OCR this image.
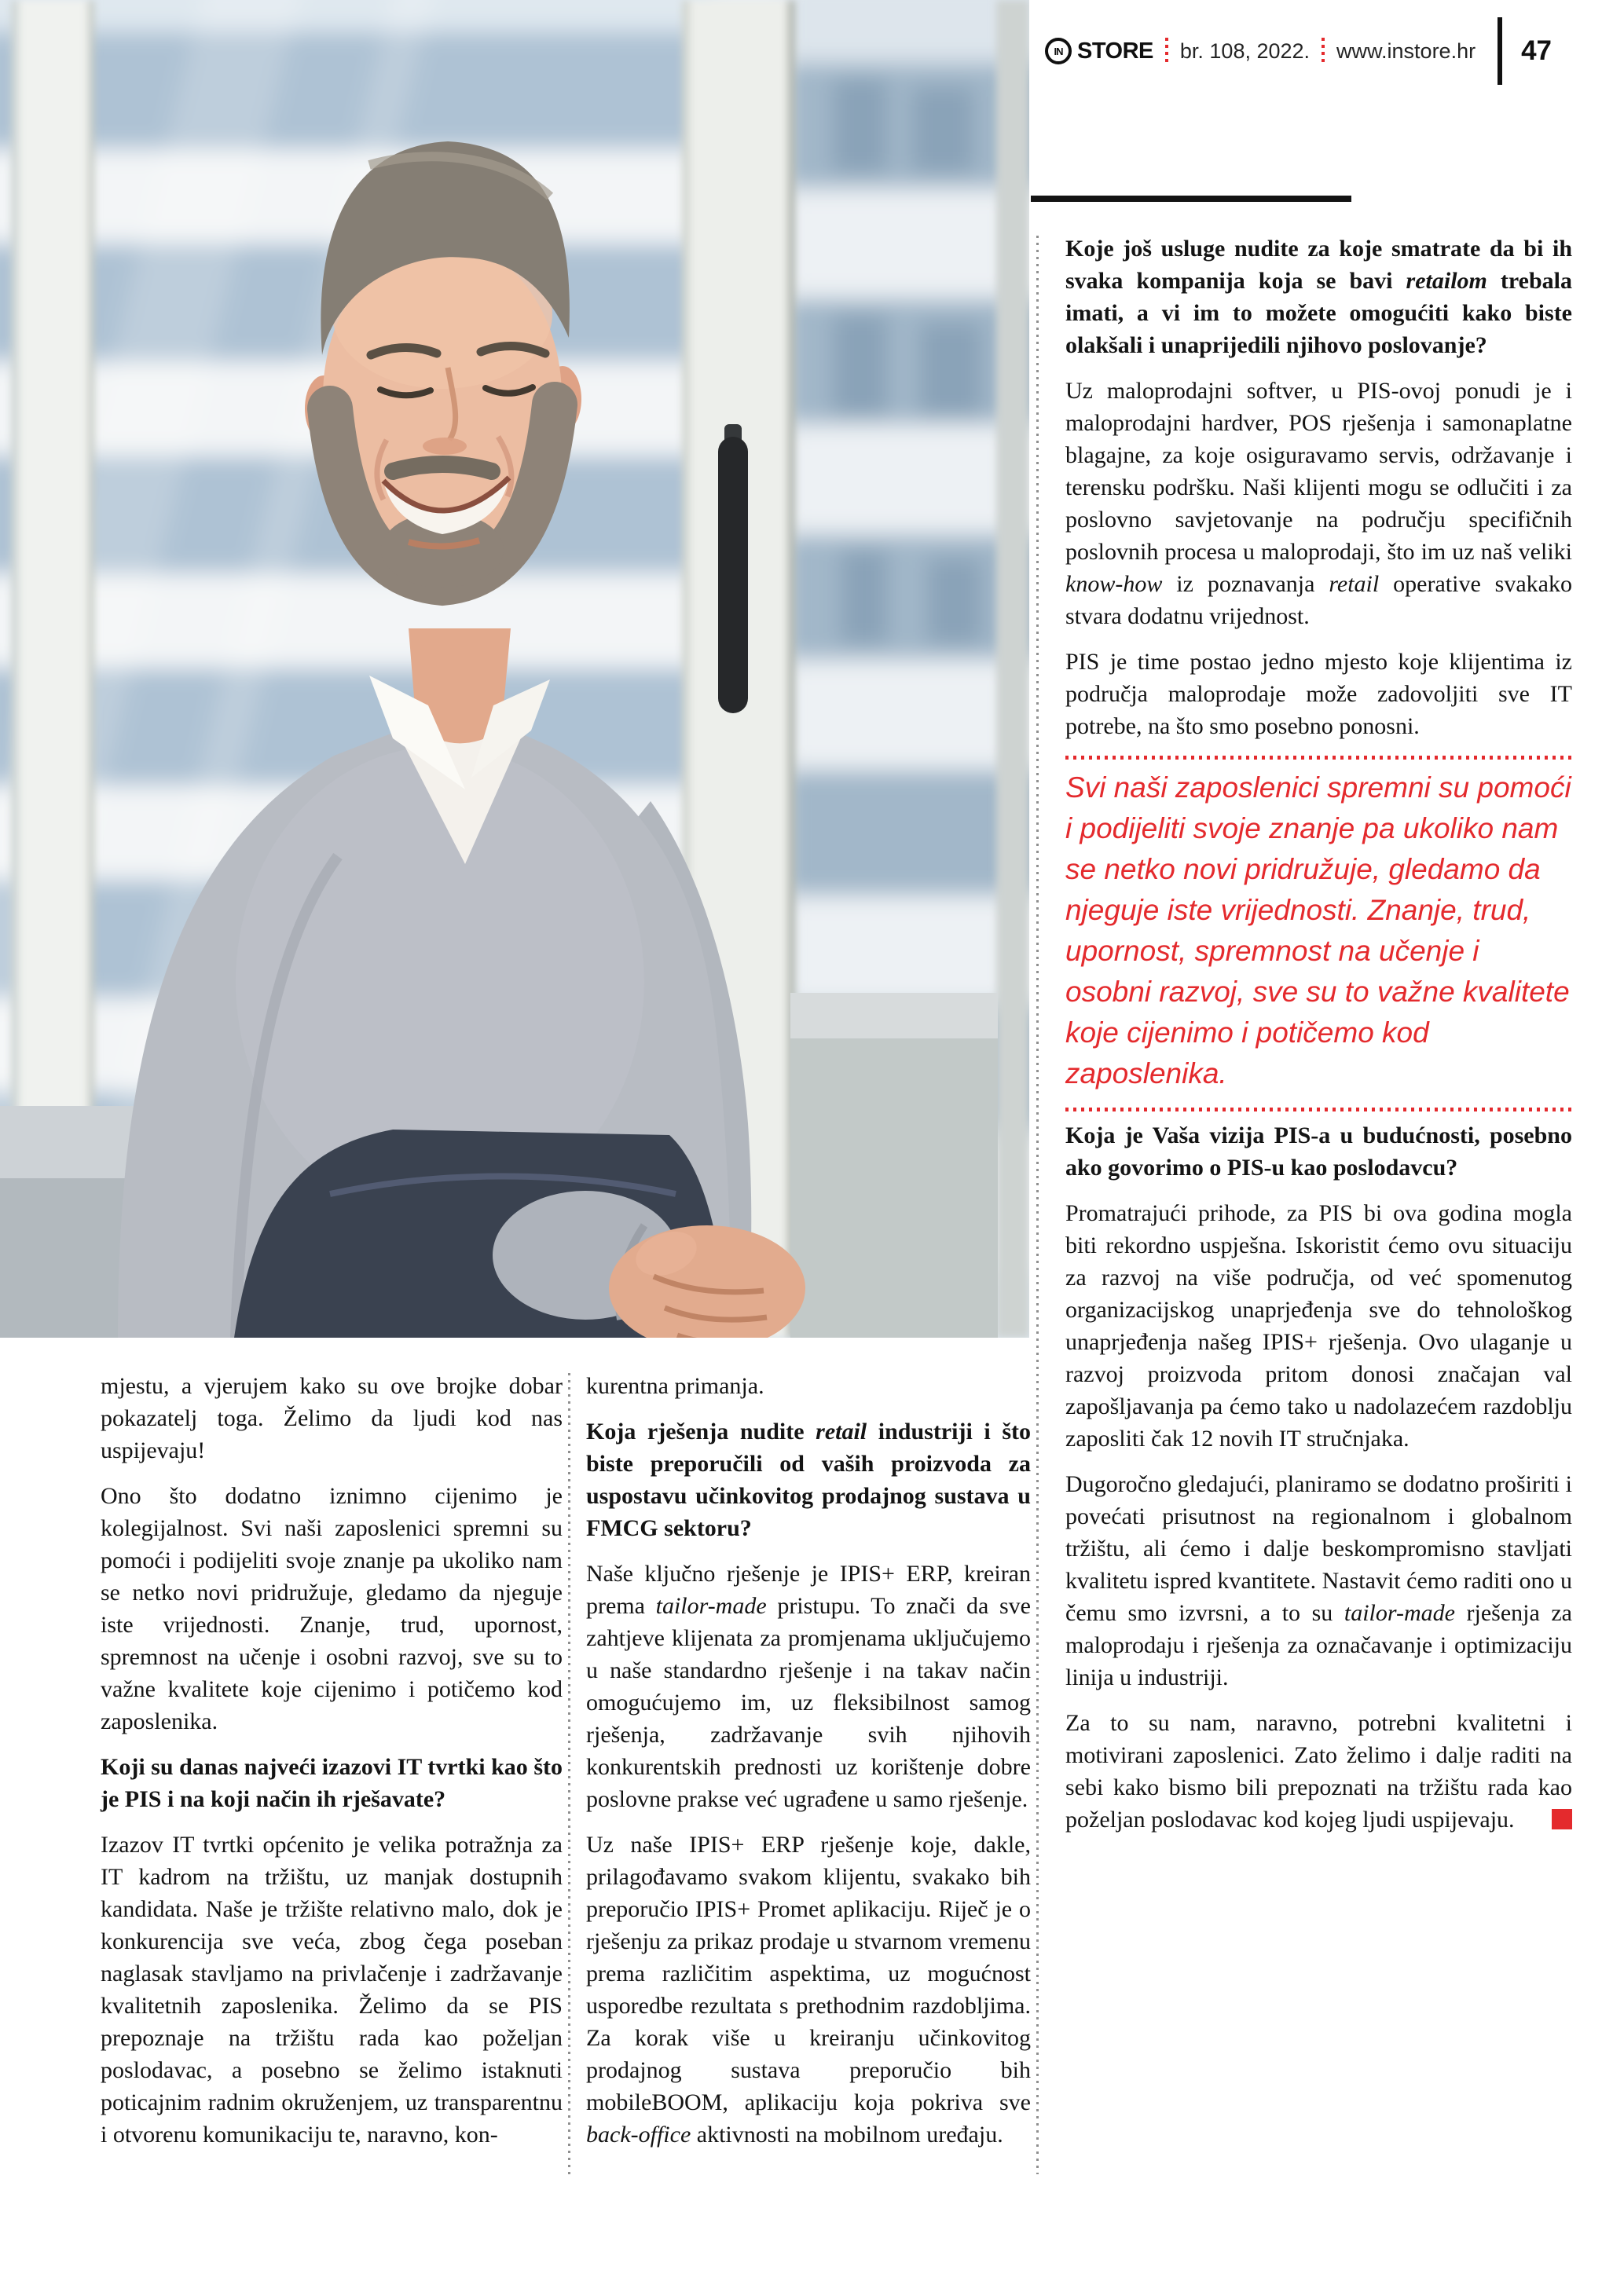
IN STORE br. 108, 2022. www.instore.hr 47

Koje još usluge nudite za koje smatrate da bi ih svaka kompanija koja se bavi retailom trebala imati, a vi im to možete omogućiti kako biste olakšali i unaprijedili njihovo poslovanje?

Uz maloprodajni softver, u PIS-ovoj ponudi je i maloprodajni hardver, POS rješenja i samonaplatne blagajne, za koje osiguravamo servis, održavanje i terensku podršku. Naši klijenti mogu se odlučiti i za poslovno savjetovanje na području specifičnih poslovnih procesa u maloprodaji, što im uz naš veliki know-how iz poznavanja retail operative svakako stvara dodatnu vrijednost.

PIS je time postao jedno mjesto koje klijentima iz područja maloprodaje može zadovoljiti sve IT potrebe, na što smo posebno ponosni.

Svi naši zaposlenici spremni su pomoći i podijeliti svoje znanje pa ukoliko nam se netko novi pridružuje, gledamo da njeguje iste vrijednosti. Znanje, trud, upornost, spremnost na učenje i osobni razvoj, sve su to važne kvalitete koje cijenimo i potičemo kod zaposlenika.

Koja je Vaša vizija PIS-a u budućnosti, posebno ako govorimo o PIS-u kao poslodavcu?

Promatrajući prihode, za PIS bi ova godina mogla biti rekordno uspješna. Iskoristit ćemo ovu situaciju za razvoj na više područja, od već spomenutog organizacijskog unaprjeđenja sve do tehnološkog unaprjeđenja našeg IPIS+ rješenja. Ovo ulaganje u razvoj proizvoda pritom donosi značajan val zapošljavanja pa ćemo tako u nadolazećem razdoblju zaposliti čak 12 novih IT stručnjaka.

Dugoročno gledajući, planiramo se dodatno proširiti i povećati prisutnost na regionalnom i globalnom tržištu, ali ćemo i dalje beskompromisno stavljati kvalitetu ispred kvantitete. Nastavit ćemo raditi ono u čemu smo izvrsni, a to su tailor-made rješenja za maloprodaju i rješenja za označavanje i optimizaciju linija u industriji.

Za to su nam, naravno, potrebni kvalitetni i motivirani zaposlenici. Zato želimo i dalje raditi na sebi kako bismo bili prepoznati na tržištu rada kao poželjan poslodavac kod kojeg ljudi uspijevaju.

mjestu, a vjerujem kako su ove brojke dobar pokazatelj toga. Želimo da ljudi kod nas uspijevaju!

Ono što dodatno iznimno cijenimo je kolegijalnost. Svi naši zaposlenici spremni su pomoći i podijeliti svoje znanje pa ukoliko nam se netko novi pridružuje, gledamo da njeguje iste vrijednosti. Znanje, trud, upornost, spremnost na učenje i osobni razvoj, sve su to važne kvalitete koje cijenimo i potičemo kod zaposlenika.

Koji su danas najveći izazovi IT tvrtki kao što je PIS i na koji način ih rješavate?

Izazov IT tvrtki općenito je velika potražnja za IT kadrom na tržištu, uz manjak dostupnih kandidata. Naše je tržište relativno malo, dok je konkurencija sve veća, zbog čega poseban naglasak stavljamo na privlačenje i zadržavanje kvalitetnih zaposlenika. Želimo da se PIS prepoznaje na tržištu rada kao poželjan poslodavac, a posebno se želimo istaknuti poticajnim radnim okruženjem, uz transparentnu i otvorenu komunikaciju te, naravno, kon-

kurentna primanja.

Koja rješenja nudite retail industriji i što biste preporučili od vaših proizvoda za uspostavu učinkovitog prodajnog sustava u FMCG sektoru?

Naše ključno rješenje je IPIS+ ERP, kreiran prema tailor-made pristupu. To znači da sve zahtjeve klijenata za promjenama uključujemo u naše standardno rješenje i na takav način omogućujemo im, uz fleksibilnost samog rješenja, zadržavanje svih njihovih konkurentskih prednosti uz korištenje dobre poslovne prakse već ugrađene u samo rješenje.

Uz naše IPIS+ ERP rješenje koje, dakle, prilagođavamo svakom klijentu, svakako bih preporučio IPIS+ Promet aplikaciju. Riječ je o rješenju za prikaz prodaje u stvarnom vremenu prema različitim aspektima, uz mogućnost usporedbe rezultata s prethodnim razdobljima. Za korak više u kreiranju učinkovitog prodajnog sustava preporučio bih mobileBOOM, aplikaciju koja pokriva sve back-office aktivnosti na mobilnom uređaju.
